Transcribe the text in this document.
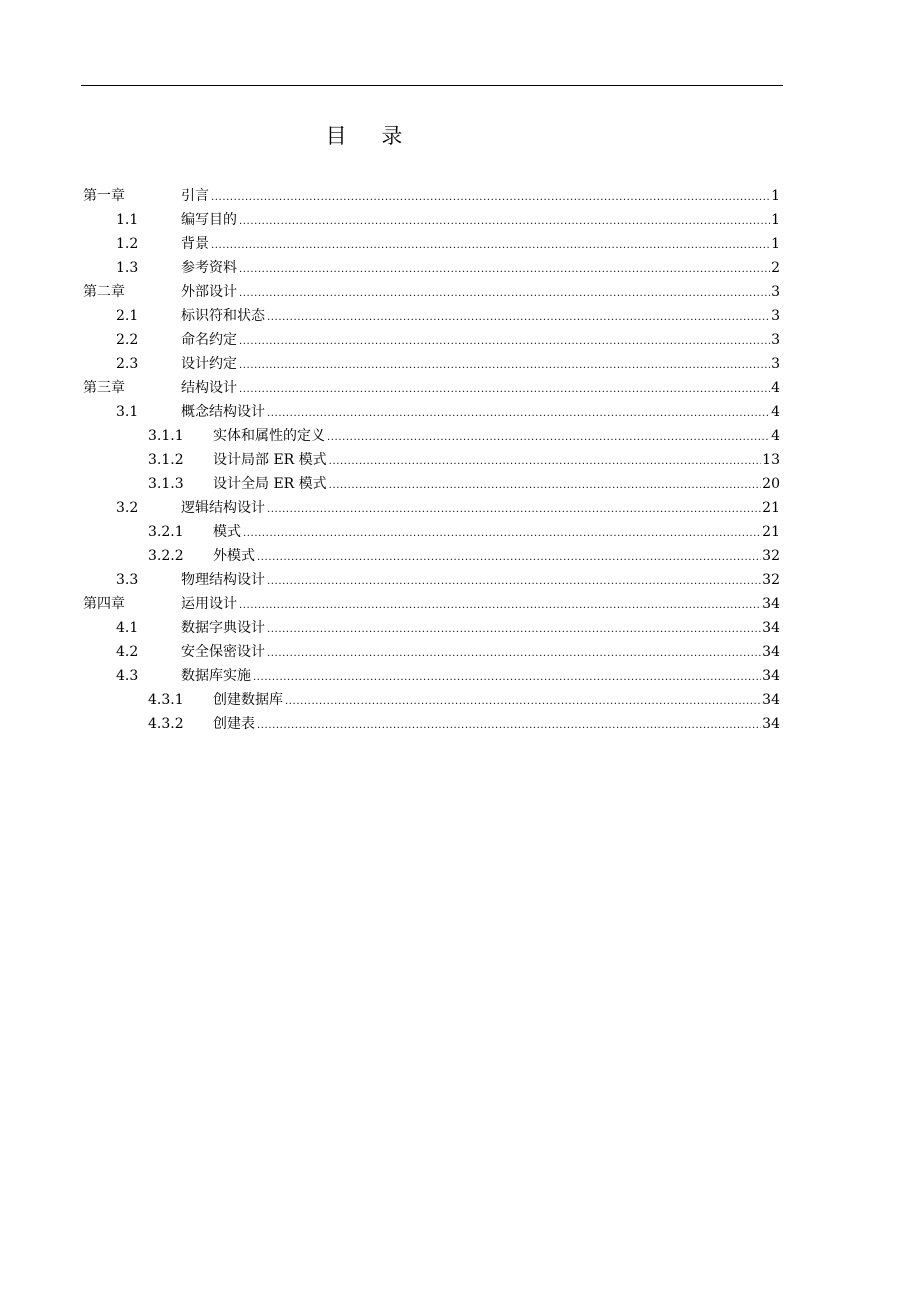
目 录
第一章	引言 .....	1
1.1	编写目的 .....	1
1.2	背景 .....	1
1.3	参考资料 .....	2
第二章	外部设计 .....	3
2.1	标识符和状态 .....	3
2.2	命名约定 .....	3
2.3	设计约定 .....	3
第三章	结构设计 .....	4
3.1	概念结构设计 .....	4
3.1.1 实体和属性的定义 .....	4
3.1.2 设计局部 ER 模式 .....	13
3.1.3 设计全局 ER 模式 .....	20
3.2	逻辑结构设计 .....	21
3.2.1 模式 .....	21
3.2.2 外模式 .....	32
3.3	物理结构设计 .....	32
第四章	运用设计 .....	34
4.1	数据字典设计 .....	34
4.2	安全保密设计 .....	34
4.3	数据库实施 .....	34
4.3.1 创建数据库 .....	34
4.3.2 创建表 .....	34
